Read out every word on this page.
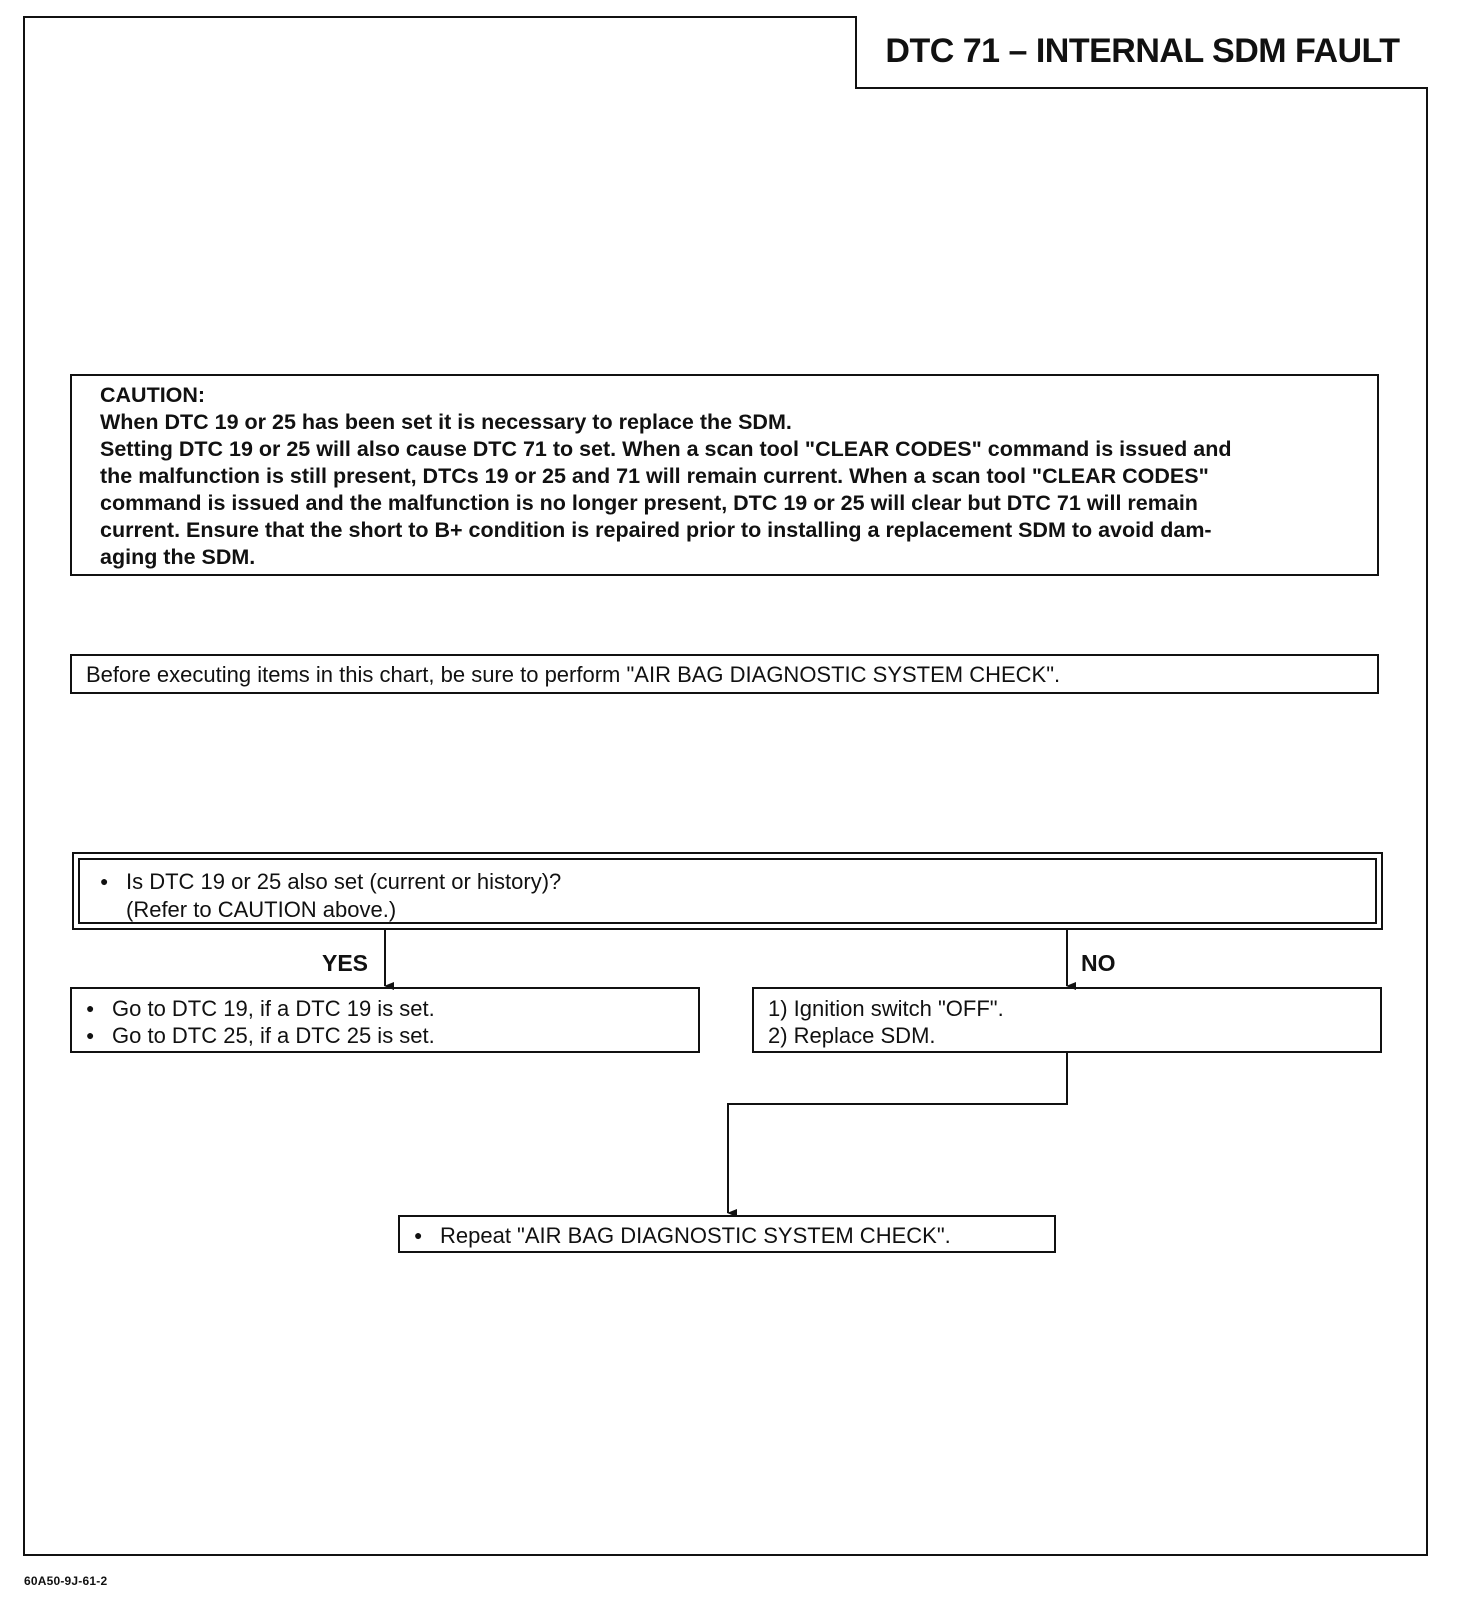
DTC 71 – INTERNAL SDM FAULT

CAUTION:

When DTC 19 or 25 has been set it is necessary to replace the SDM.

Setting DTC 19 or 25 will also cause DTC 71 to set. When a scan tool "CLEAR CODES" command is issued and

the malfunction is still present, DTCs 19 or 25 and 71 will remain current. When a scan tool "CLEAR CODES"

command is issued and the malfunction is no longer present, DTC 19 or 25 will clear but DTC 71 will remain

current. Ensure that the short to B+ condition is repaired prior to installing a replacement SDM to avoid dam-

aging the SDM.

Before executing items in this chart, be sure to perform "AIR BAG DIAGNOSTIC SYSTEM CHECK".
● Is DTC 19 or 25 also set (current or history)?
(Refer to CAUTION above.)
YES	NO
● Go to DTC 19, if a DTC 19 is set.
● Go to DTC 25, if a DTC 25 is set.
1) Ignition switch "OFF".
2) Replace SDM.
● Repeat "AIR BAG DIAGNOSTIC SYSTEM CHECK".
60A50-9J-61-2
